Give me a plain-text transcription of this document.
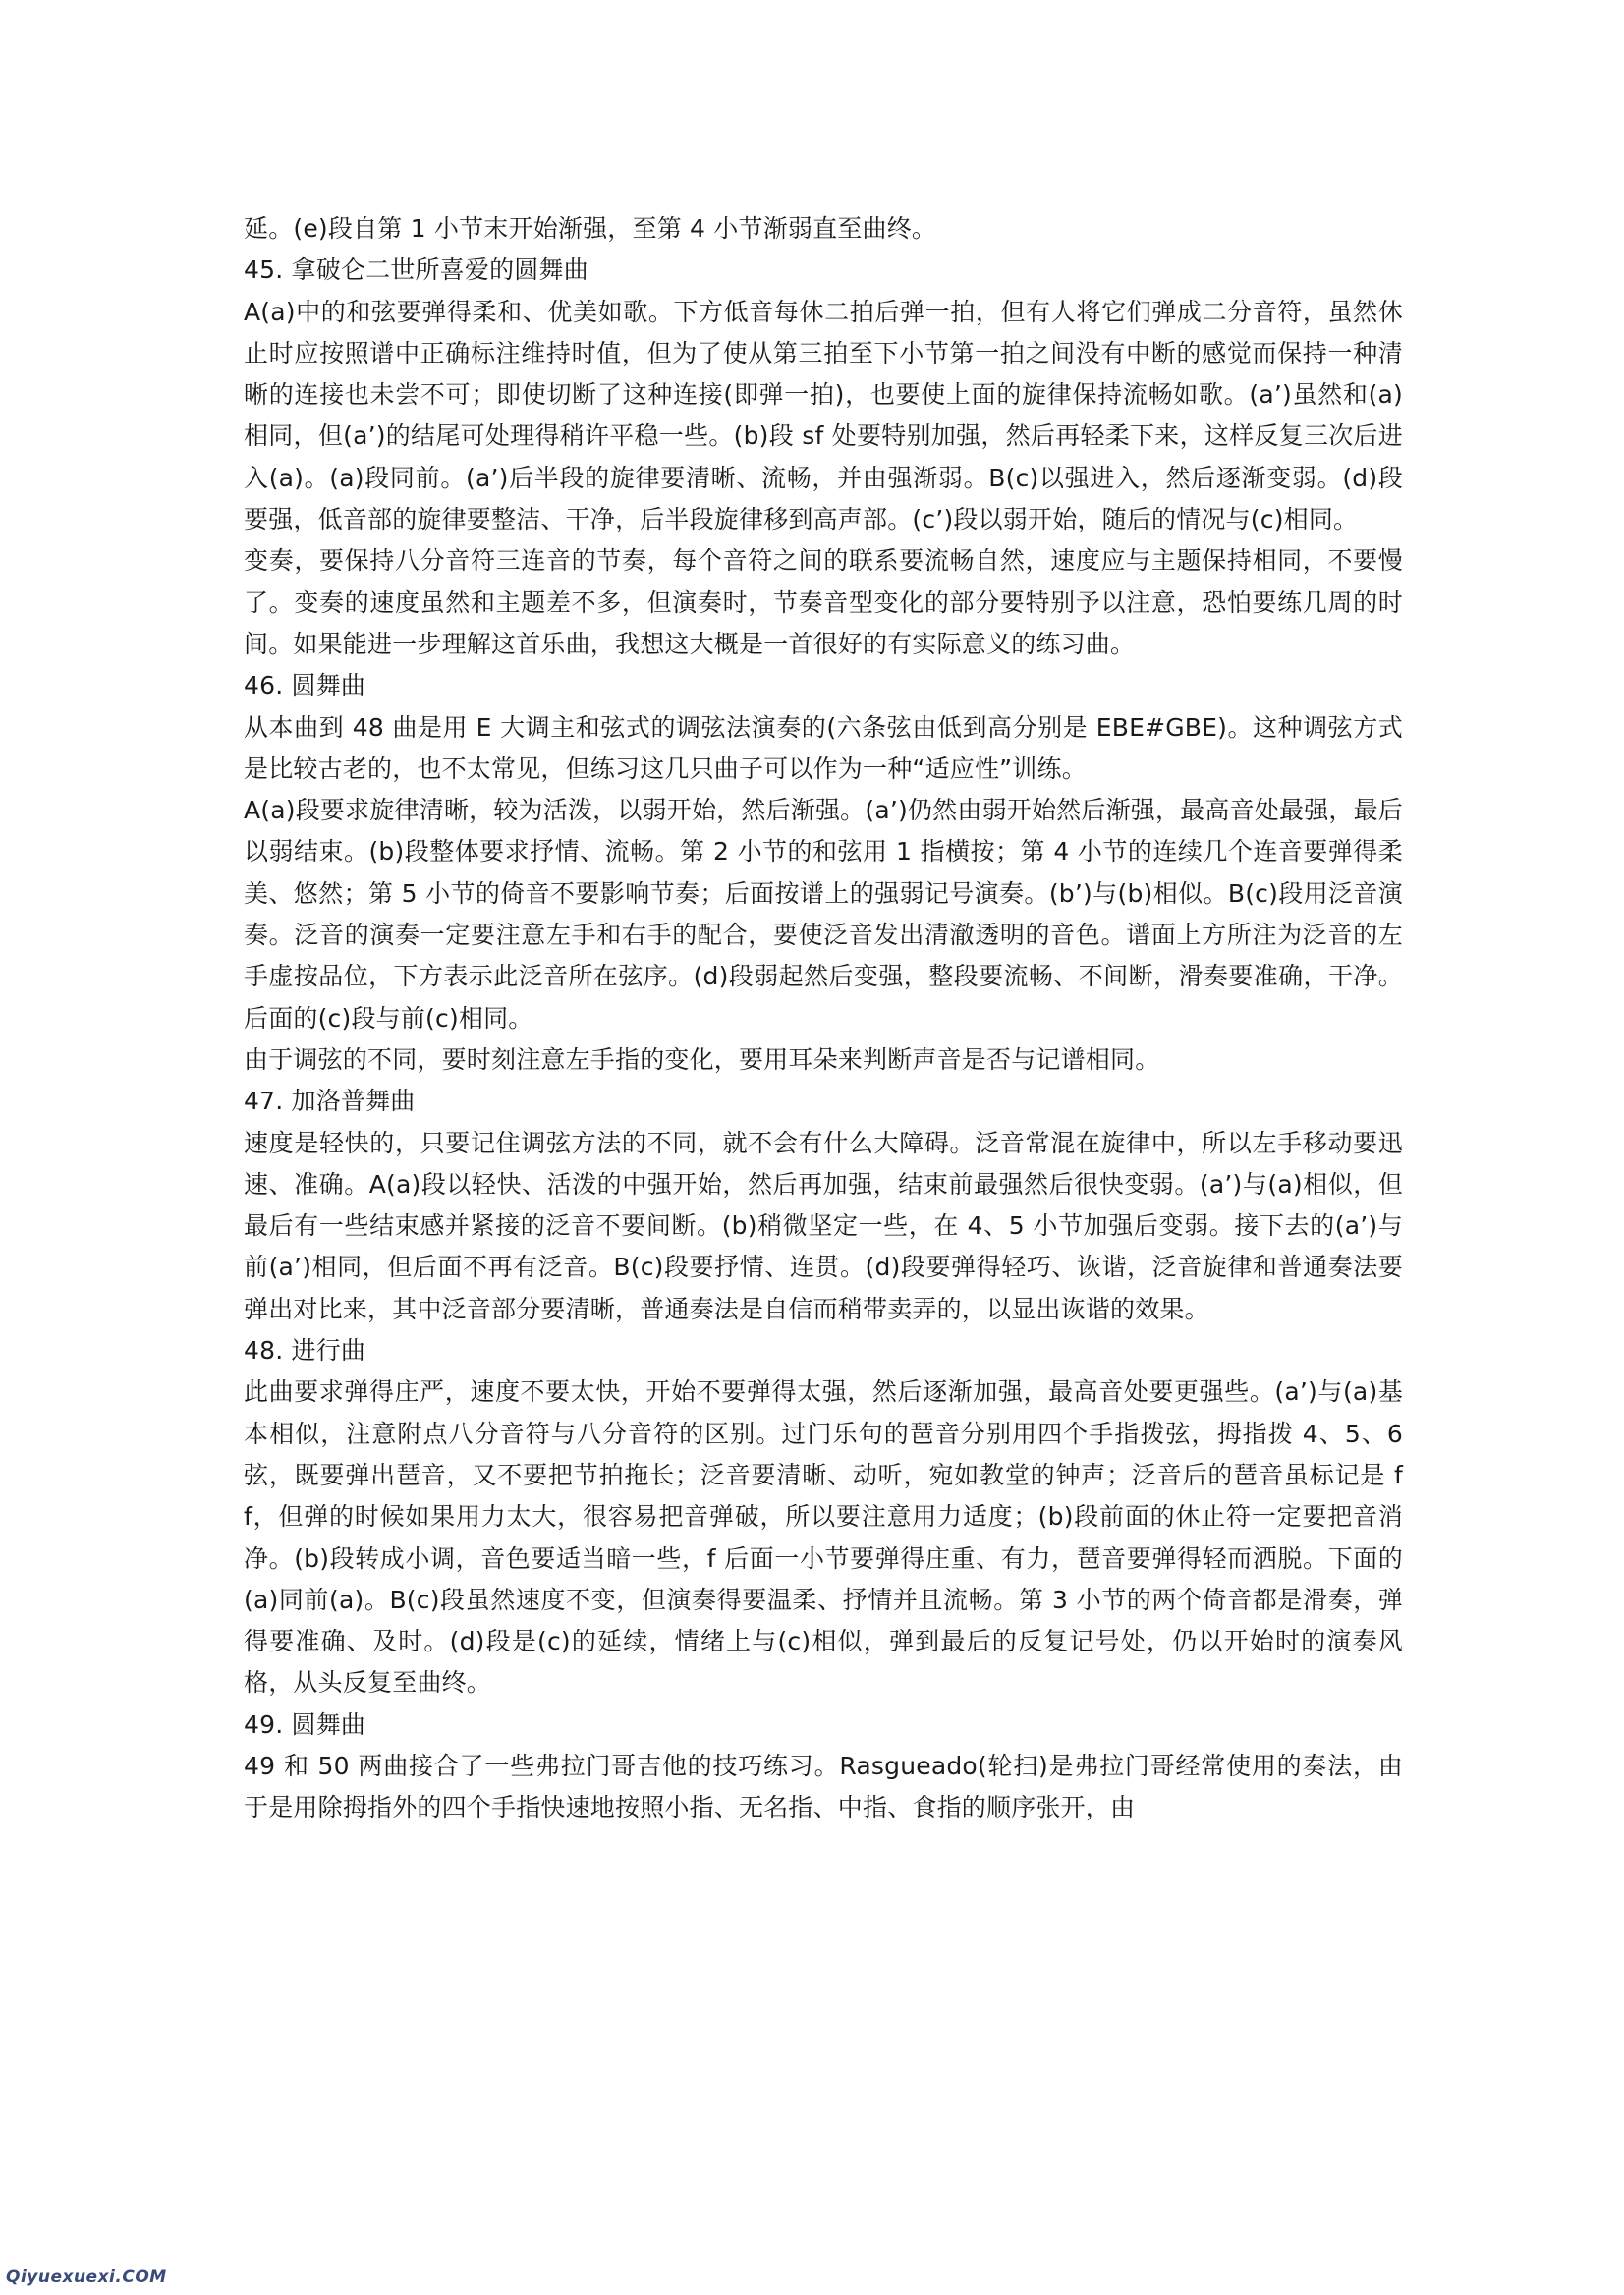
延。(e)段自第 1 小节末开始渐强，至第 4 小节渐弱直至曲终。

45. 拿破仑二世所喜爱的圆舞曲

A(a)中的和弦要弹得柔和、优美如歌。下方低音每休二拍后弹一拍，但有人将它们弹成二分音符，虽然休止时应按照谱中正确标注维持时值，但为了使从第三拍至下小节第一拍之间没有中断的感觉而保持一种清晰的连接也未尝不可；即使切断了这种连接(即弹一拍)，也要使上面的旋律保持流畅如歌。(a’)虽然和(a)相同，但(a’)的结尾可处理得稍许平稳一些。(b)段 sf 处要特别加强，然后再轻柔下来，这样反复三次后进入(a)。(a)段同前。(a’)后半段的旋律要清晰、流畅，并由强渐弱。B(c)以强进入，然后逐渐变弱。(d)段要强，低音部的旋律要整洁、干净，后半段旋律移到高声部。(c’)段以弱开始，随后的情况与(c)相同。

变奏，要保持八分音符三连音的节奏，每个音符之间的联系要流畅自然，速度应与主题保持相同，不要慢了。变奏的速度虽然和主题差不多，但演奏时，节奏音型变化的部分要特别予以注意，恐怕要练几周的时间。如果能进一步理解这首乐曲，我想这大概是一首很好的有实际意义的练习曲。

46. 圆舞曲

从本曲到 48 曲是用 E 大调主和弦式的调弦法演奏的(六条弦由低到高分别是 EBE#GBE)。这种调弦方式是比较古老的，也不太常见，但练习这几只曲子可以作为一种“适应性”训练。

A(a)段要求旋律清晰，较为活泼，以弱开始，然后渐强。(a’)仍然由弱开始然后渐强，最高音处最强，最后以弱结束。(b)段整体要求抒情、流畅。第 2 小节的和弦用 1 指横按；第 4 小节的连续几个连音要弹得柔美、悠然；第 5 小节的倚音不要影响节奏；后面按谱上的强弱记号演奏。(b’)与(b)相似。B(c)段用泛音演奏。泛音的演奏一定要注意左手和右手的配合，要使泛音发出清澈透明的音色。谱面上方所注为泛音的左手虚按品位，下方表示此泛音所在弦序。(d)段弱起然后变强，整段要流畅、不间断，滑奏要准确，干净。后面的(c)段与前(c)相同。

由于调弦的不同，要时刻注意左手指的变化，要用耳朵来判断声音是否与记谱相同。

47. 加洛普舞曲

速度是轻快的，只要记住调弦方法的不同，就不会有什么大障碍。泛音常混在旋律中，所以左手移动要迅速、准确。A(a)段以轻快、活泼的中强开始，然后再加强，结束前最强然后很快变弱。(a’)与(a)相似，但最后有一些结束感并紧接的泛音不要间断。(b)稍微坚定一些，在 4、5 小节加强后变弱。接下去的(a’)与前(a’)相同，但后面不再有泛音。B(c)段要抒情、连贯。(d)段要弹得轻巧、诙谐，泛音旋律和普通奏法要弹出对比来，其中泛音部分要清晰，普通奏法是自信而稍带卖弄的，以显出诙谐的效果。

48. 进行曲

此曲要求弹得庄严，速度不要太快，开始不要弹得太强，然后逐渐加强，最高音处要更强些。(a’)与(a)基本相似，注意附点八分音符与八分音符的区别。过门乐句的琶音分别用四个手指拨弦，拇指拨 4、5、6 弦，既要弹出琶音，又不要把节拍拖长；泛音要清晰、动听，宛如教堂的钟声；泛音后的琶音虽标记是 ff，但弹的时候如果用力太大，很容易把音弹破，所以要注意用力适度；(b)段前面的休止符一定要把音消净。(b)段转成小调，音色要适当暗一些，f 后面一小节要弹得庄重、有力，琶音要弹得轻而洒脱。下面的(a)同前(a)。B(c)段虽然速度不变，但演奏得要温柔、抒情并且流畅。第 3 小节的两个倚音都是滑奏，弹得要准确、及时。(d)段是(c)的延续，情绪上与(c)相似，弹到最后的反复记号处，仍以开始时的演奏风格，从头反复至曲终。

49. 圆舞曲

49 和 50 两曲接合了一些弗拉门哥吉他的技巧练习。Rasgueado(轮扫)是弗拉门哥经常使用的奏法，由于是用除拇指外的四个手指快速地按照小指、无名指、中指、食指的顺序张开，由

Qiyuexuexi.COM
